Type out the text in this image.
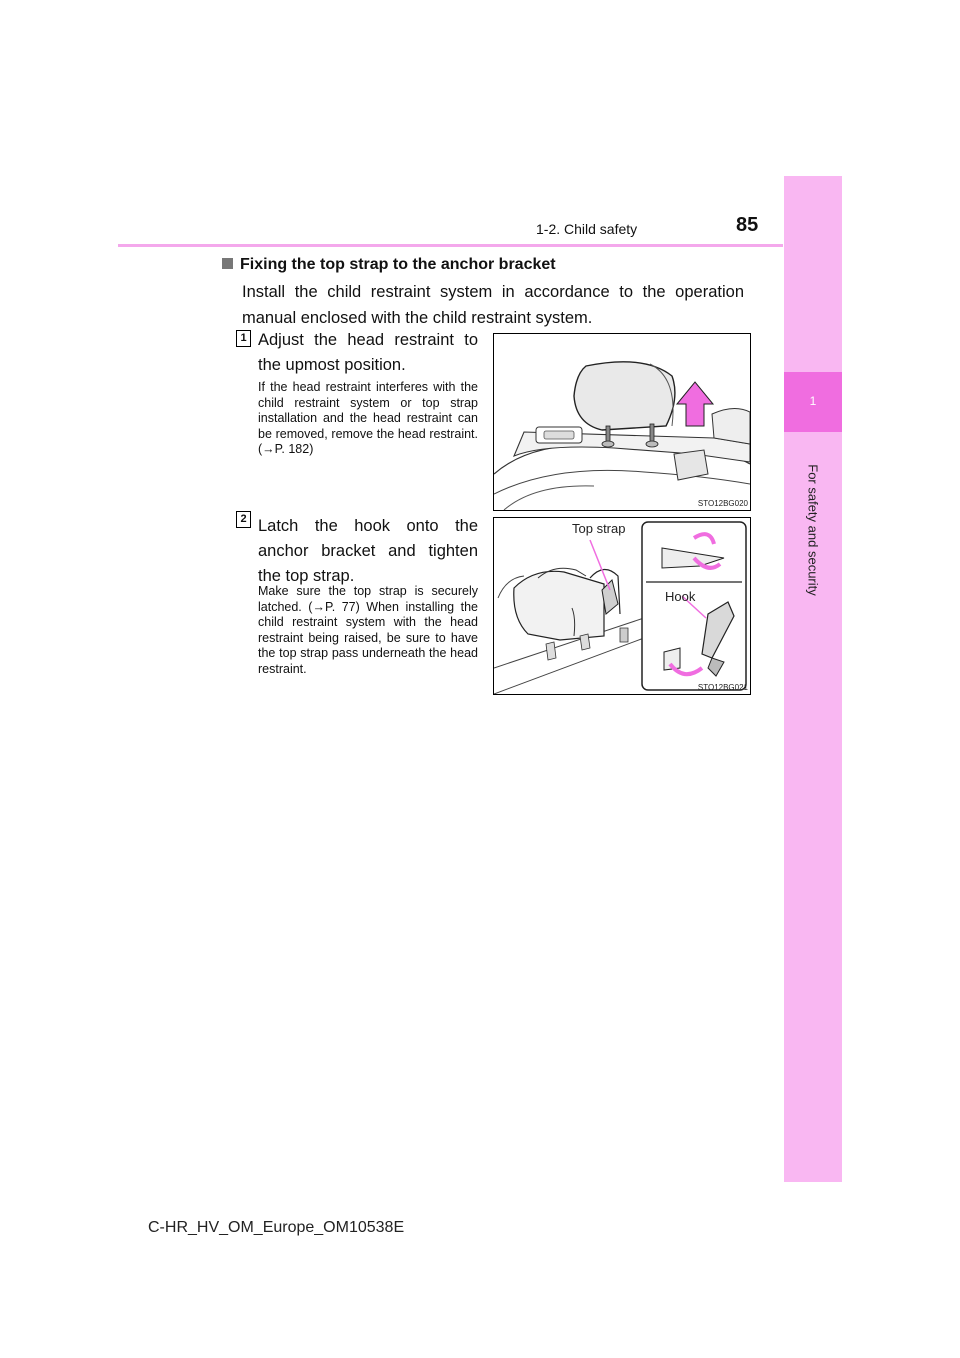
1
For safety and security
1-2. Child safety	85
Fixing the top strap to the anchor bracket
Install the child restraint system in accordance to the operation manual enclosed with the child restraint system.
1 Adjust the head restraint to the upmost position.
If the head restraint interferes with the child restraint system or top strap installation and the head restraint can be removed, remove the head restraint. (→P. 182)
STO12BG020
2 Latch the hook onto the anchor bracket and tighten the top strap.
Make sure the top strap is securely latched. (→P. 77) When installing the child restraint system with the head restraint being raised, be sure to have the top strap pass underneath the head restraint.
Top strap
Hook
STO12BG021
C-HR_HV_OM_Europe_OM10538E
